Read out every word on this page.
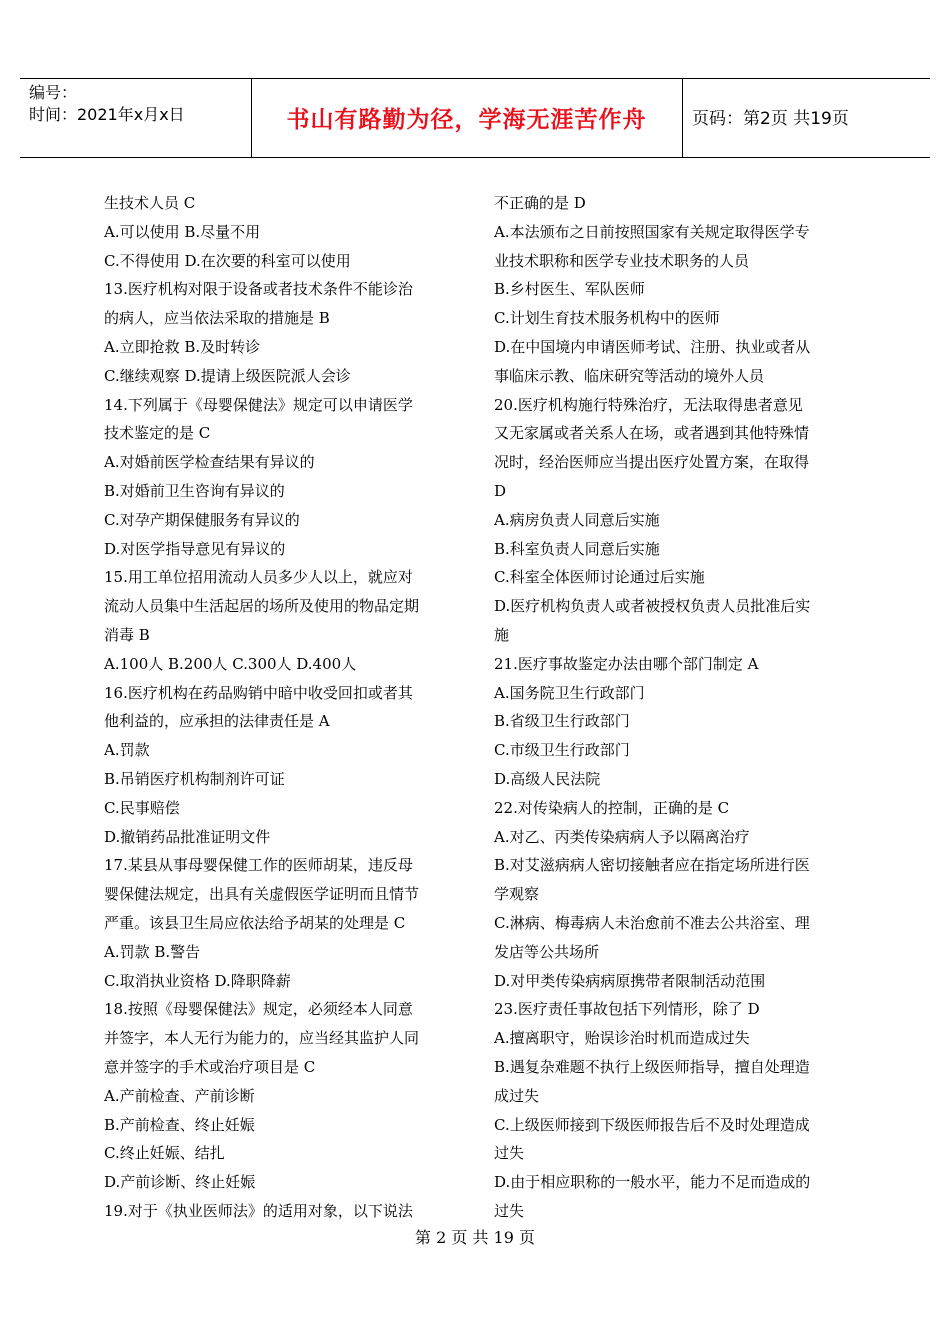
编号：
时间：2021年x月x日	书山有路勤为径，学海无涯苦作舟	页码：第2页 共19页
生技术人员 C
A.可以使用 B.尽量不用
C.不得使用 D.在次要的科室可以使用
13.医疗机构对限于设备或者技术条件不能诊治
的病人，应当依法采取的措施是 B
A.立即抢救 B.及时转诊
C.继续观察 D.提请上级医院派人会诊
14.下列属于《母婴保健法》规定可以申请医学
技术鉴定的是 C
A.对婚前医学检查结果有异议的
B.对婚前卫生咨询有异议的
C.对孕产期保健服务有异议的
D.对医学指导意见有异议的
15.用工单位招用流动人员多少人以上，就应对
流动人员集中生活起居的场所及使用的物品定期
消毒 B
A.100人 B.200人 C.300人 D.400人
16.医疗机构在药品购销中暗中收受回扣或者其
他利益的，应承担的法律责任是 A
A.罚款
B.吊销医疗机构制剂许可证
C.民事赔偿
D.撤销药品批准证明文件
17.某县从事母婴保健工作的医师胡某，违反母
婴保健法规定，出具有关虚假医学证明而且情节
严重。该县卫生局应依法给予胡某的处理是 C
A.罚款 B.警告
C.取消执业资格 D.降职降薪
18.按照《母婴保健法》规定，必须经本人同意
并签字，本人无行为能力的，应当经其监护人同
意并签字的手术或治疗项目是 C
A.产前检查、产前诊断
B.产前检查、终止妊娠
C.终止妊娠、结扎
D.产前诊断、终止妊娠
19.对于《执业医师法》的适用对象，以下说法
不正确的是 D
A.本法颁布之日前按照国家有关规定取得医学专
业技术职称和医学专业技术职务的人员
B.乡村医生、军队医师
C.计划生育技术服务机构中的医师
D.在中国境内申请医师考试、注册、执业或者从
事临床示教、临床研究等活动的境外人员
20.医疗机构施行特殊治疗，无法取得患者意见
又无家属或者关系人在场，或者遇到其他特殊情
况时，经治医师应当提出医疗处置方案，在取得
D
A.病房负责人同意后实施
B.科室负责人同意后实施
C.科室全体医师讨论通过后实施
D.医疗机构负责人或者被授权负责人员批准后实
施
21.医疗事故鉴定办法由哪个部门制定 A
A.国务院卫生行政部门
B.省级卫生行政部门
C.市级卫生行政部门
D.高级人民法院
22.对传染病人的控制，正确的是 C
A.对乙、丙类传染病病人予以隔离治疗
B.对艾滋病病人密切接触者应在指定场所进行医
学观察
C.淋病、梅毒病人未治愈前不准去公共浴室、理
发店等公共场所
D.对甲类传染病病原携带者限制活动范围
23.医疗责任事故包括下列情形，除了 D
A.擅离职守，贻误诊治时机而造成过失
B.遇复杂难题不执行上级医师指导，擅自处理造
成过失
C.上级医师接到下级医师报告后不及时处理造成
过失
D.由于相应职称的一般水平，能力不足而造成的
过失
第 2 页 共 19 页
